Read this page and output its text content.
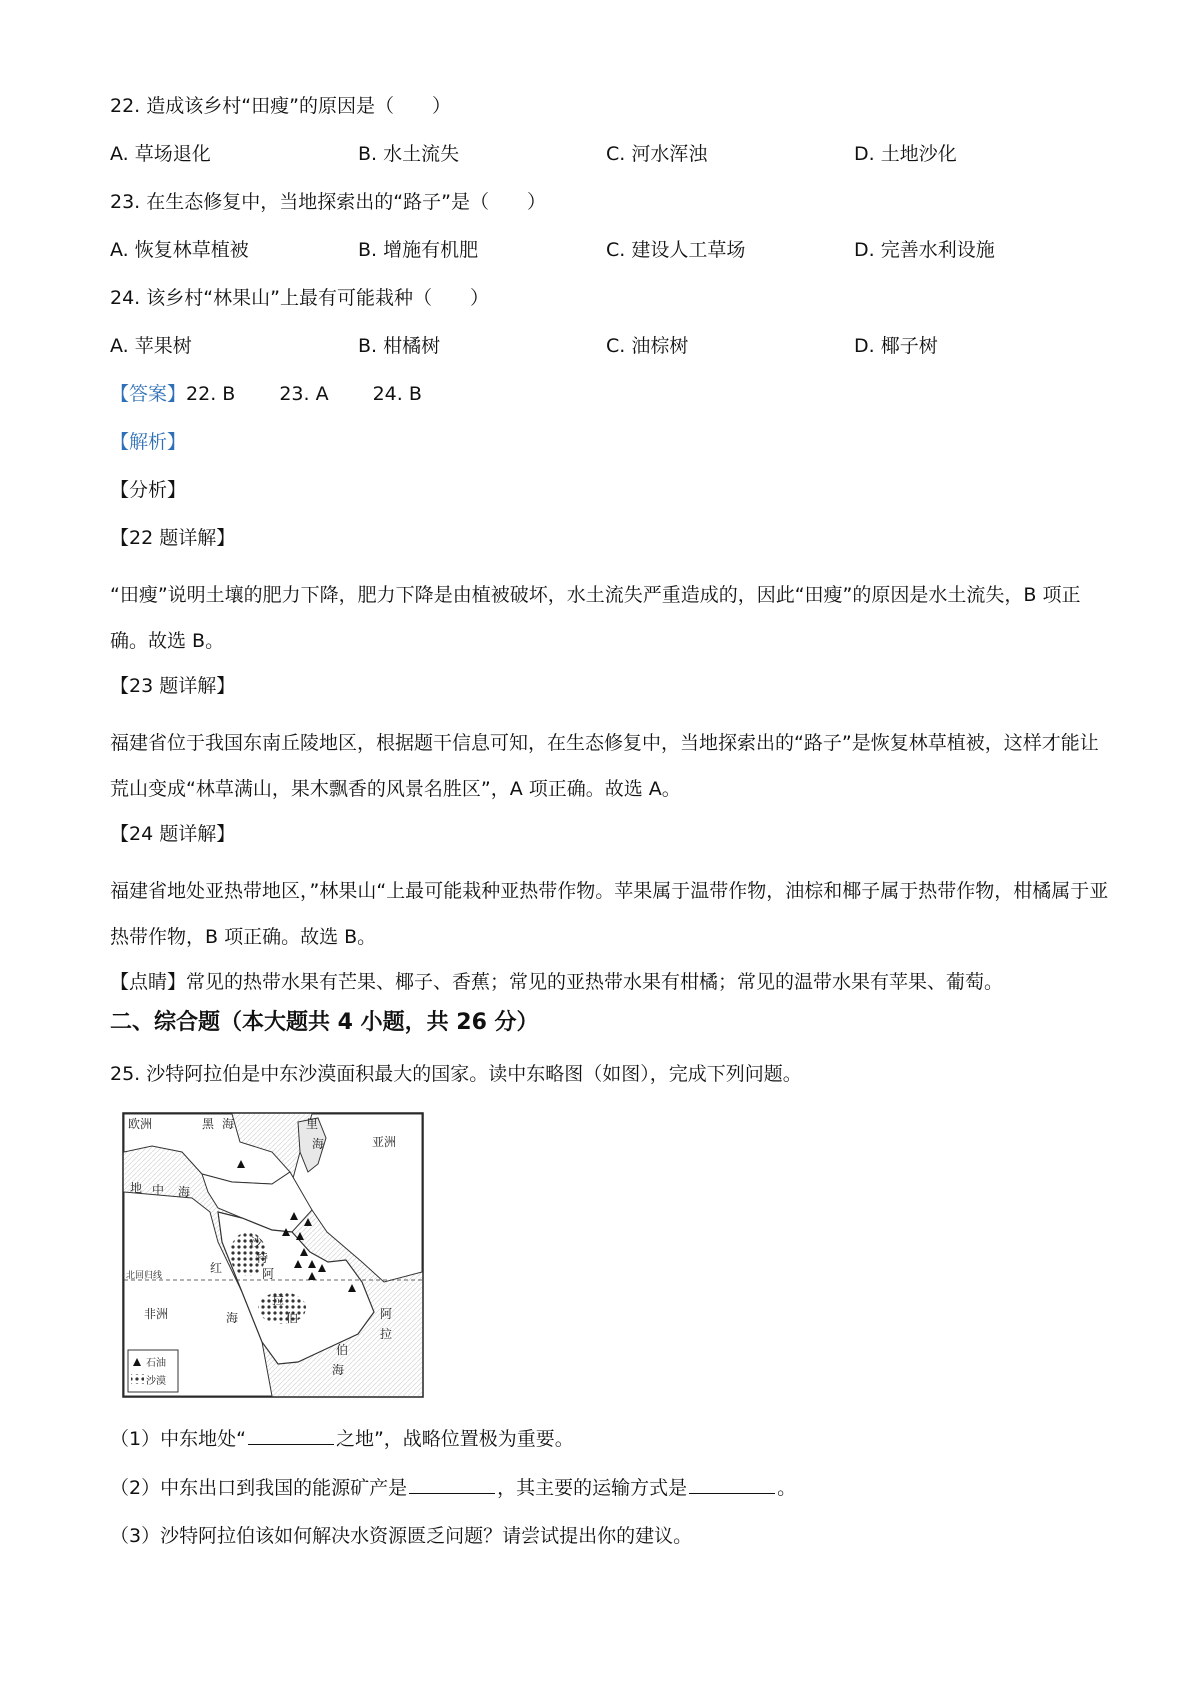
22. 造成该乡村“田瘦”的原因是（　　）
A. 草场退化	B. 水土流失	C. 河水浑浊	D. 土地沙化
23. 在生态修复中，当地探索出的“路子”是（　　）
A. 恢复林草植被	B. 增施有机肥	C. 建设人工草场	D. 完善水利设施
24. 该乡村“林果山”上最有可能栽种（　　）
A. 苹果树	B. 柑橘树	C. 油棕树	D. 椰子树
【答案】22. B 23. A 24. B
【解析】
【分析】
【22 题详解】
“田瘦”说明土壤的肥力下降，肥力下降是由植被破坏，水土流失严重造成的，因此“田瘦”的原因是水土流失，B 项正确。故选 B。
【23 题详解】
福建省位于我国东南丘陵地区，根据题干信息可知，在生态修复中，当地探索出的“路子”是恢复林草植被，这样才能让荒山变成“林草满山，果木飘香的风景名胜区”，A 项正确。故选 A。
【24 题详解】
福建省地处亚热带地区，”林果山“上最可能栽种亚热带作物。苹果属于温带作物，油棕和椰子属于热带作物，柑橘属于亚热带作物，B 项正确。故选 B。
【点睛】常见的热带水果有芒果、椰子、香蕉；常见的亚热带水果有柑橘；常见的温带水果有苹果、葡萄。
二、综合题（本大题共 4 小题，共 26 分）
25. 沙特阿拉伯是中东沙漠面积最大的国家。读中东略图（如图），完成下列问题。
欧洲	黑 海	里
海	亚洲
地 中 海
北回归线
非洲
红
海
沙
特
阿
拉
伯	阿
拉
伯
海
石油
沙漠
（1）中东地处“	之地”，战略位置极为重要。
（2）中东出口到我国的能源矿产是	，其主要的运输方式是	。
（3）沙特阿拉伯该如何解决水资源匮乏问题？请尝试提出你的建议。
